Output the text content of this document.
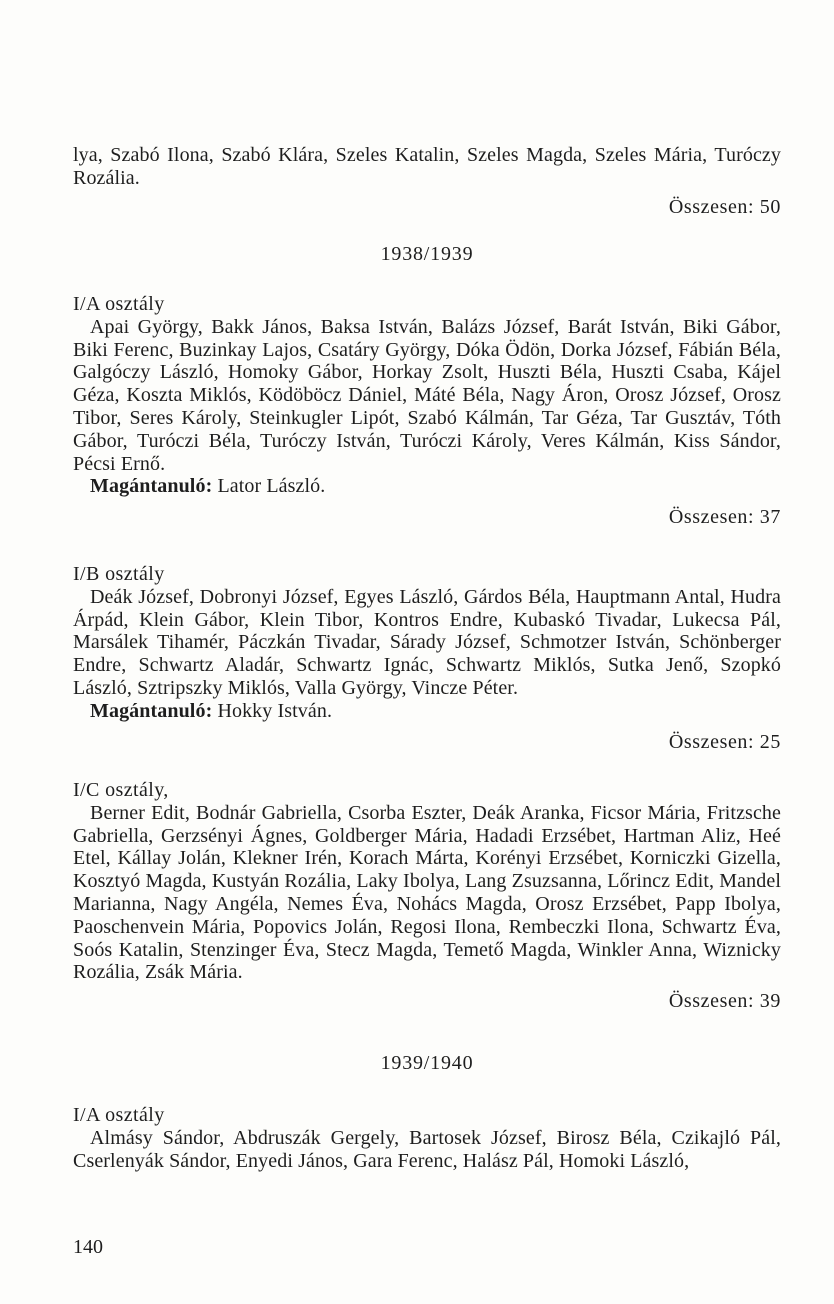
lya, Szabó Ilona, Szabó Klára, Szeles Katalin, Szeles Magda, Szeles Mária, Turóczy Rozália.

Összesen: 50

1938/1939

I/A osztály

Apai György, Bakk János, Baksa István, Balázs József, Barát István, Biki Gábor, Biki Ferenc, Buzinkay Lajos, Csatáry György, Dóka Ödön, Dorka József, Fábián Béla, Galgóczy László, Homoky Gábor, Horkay Zsolt, Huszti Béla, Huszti Csaba, Kájel Géza, Koszta Miklós, Ködöböcz Dániel, Máté Béla, Nagy Áron, Orosz József, Orosz Tibor, Seres Károly, Steinkugler Lipót, Szabó Kálmán, Tar Géza, Tar Gusztáv, Tóth Gábor, Turóczi Béla, Turóczy István, Turóczi Károly, Veres Kálmán, Kiss Sándor, Pécsi Ernő.

Magántanuló: Lator László.

Összesen: 37

I/B osztály

Deák József, Dobronyi József, Egyes László, Gárdos Béla, Hauptmann Antal, Hudra Árpád, Klein Gábor, Klein Tibor, Kontros Endre, Kubaskó Tivadar, Lukecsa Pál, Marsálek Tihamér, Páczkán Tivadar, Sárady József, Schmotzer István, Schönberger Endre, Schwartz Aladár, Schwartz Ignác, Schwartz Miklós, Sutka Jenő, Szopkó László, Sztripszky Miklós, Valla György, Vincze Péter.

Magántanuló: Hokky István.

Összesen: 25

I/C osztály,

Berner Edit, Bodnár Gabriella, Csorba Eszter, Deák Aranka, Ficsor Mária, Fritzsche Gabriella, Gerzsényi Ágnes, Goldberger Mária, Hadadi Erzsébet, Hartman Aliz, Heé Etel, Kállay Jolán, Klekner Irén, Korach Márta, Korényi Erzsébet, Korniczki Gizella, Kosztyó Magda, Kustyán Rozália, Laky Ibolya, Lang Zsuzsanna, Lőrincz Edit, Mandel Marianna, Nagy Angéla, Nemes Éva, Nohács Magda, Orosz Erzsébet, Papp Ibolya, Paoschenvein Mária, Popovics Jolán, Regosi Ilona, Rembeczki Ilona, Schwartz Éva, Soós Katalin, Stenzinger Éva, Stecz Magda, Temető Magda, Winkler Anna, Wiznicky Rozália, Zsák Mária.

Összesen: 39

1939/1940

I/A osztály

Almásy Sándor, Abdruszák Gergely, Bartosek József, Birosz Béla, Czikajló Pál, Cserlenyák Sándor, Enyedi János, Gara Ferenc, Halász Pál, Homoki László,

140
